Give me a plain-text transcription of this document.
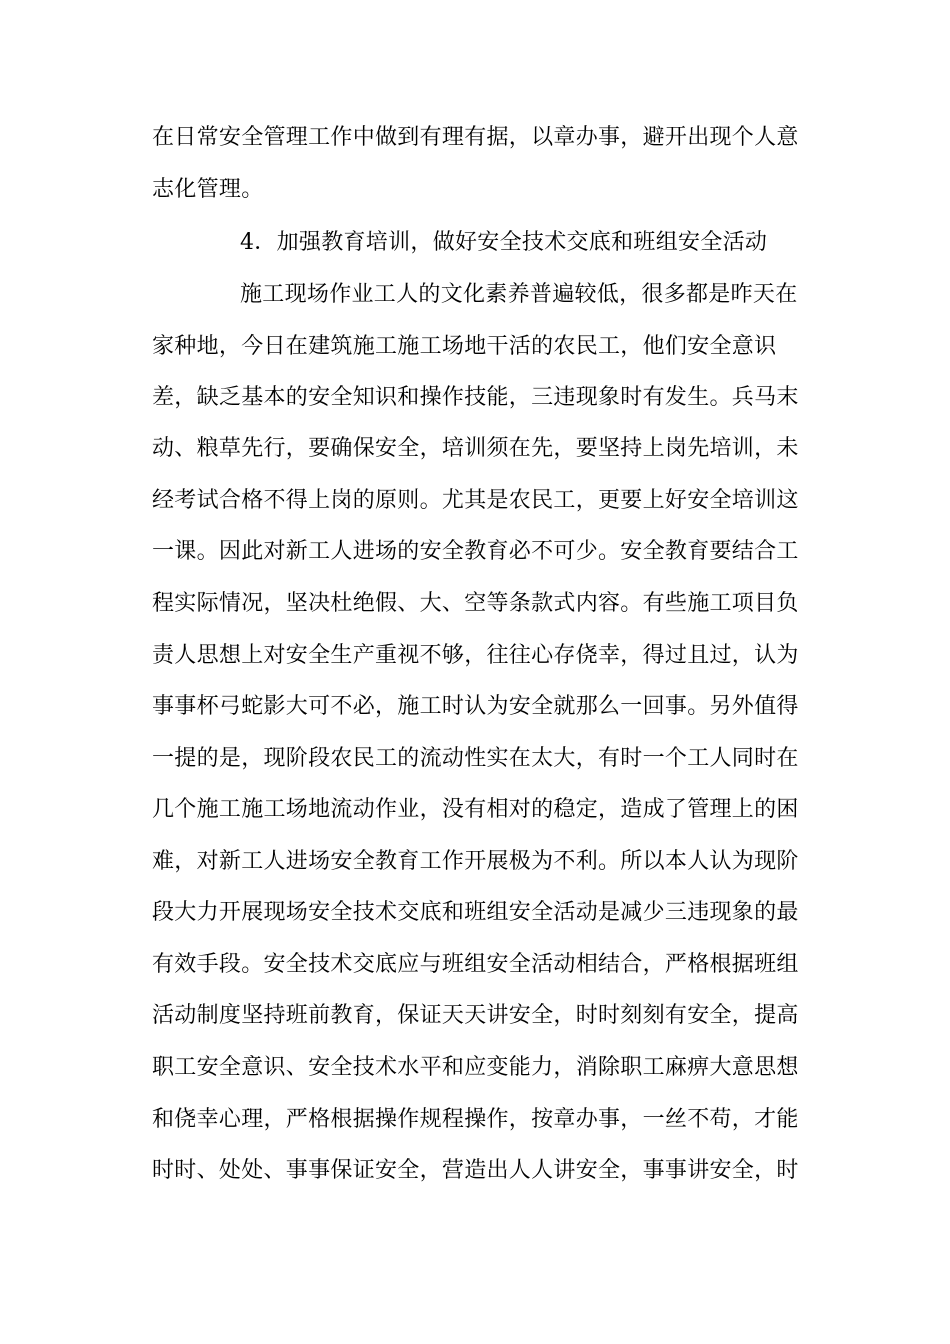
在日常安全管理工作中做到有理有据，以章办事，避开出现个人意
志化管理。
4．加强教育培训，做好安全技术交底和班组安全活动
施工现场作业工人的文化素养普遍较低，很多都是昨天在
家种地，今日在建筑施工施工场地干活的农民工，他们安全意识
差，缺乏基本的安全知识和操作技能，三违现象时有发生。兵马末
动、粮草先行，要确保安全，培训须在先，要坚持上岗先培训，未
经考试合格不得上岗的原则。尤其是农民工，更要上好安全培训这
一课。因此对新工人进场的安全教育必不可少。安全教育要结合工
程实际情况，坚决杜绝假、大、空等条款式内容。有些施工项目负
责人思想上对安全生产重视不够，往往心存侥幸，得过且过，认为
事事杯弓蛇影大可不必，施工时认为安全就那么一回事。另外值得
一提的是，现阶段农民工的流动性实在太大，有时一个工人同时在
几个施工施工场地流动作业，没有相对的稳定，造成了管理上的困
难，对新工人进场安全教育工作开展极为不利。所以本人认为现阶
段大力开展现场安全技术交底和班组安全活动是减少三违现象的最
有效手段。安全技术交底应与班组安全活动相结合，严格根据班组
活动制度坚持班前教育，保证天天讲安全，时时刻刻有安全，提高
职工安全意识、安全技术水平和应变能力，消除职工麻痹大意思想
和侥幸心理，严格根据操作规程操作，按章办事，一丝不苟，才能
时时、处处、事事保证安全，营造出人人讲安全，事事讲安全，时
